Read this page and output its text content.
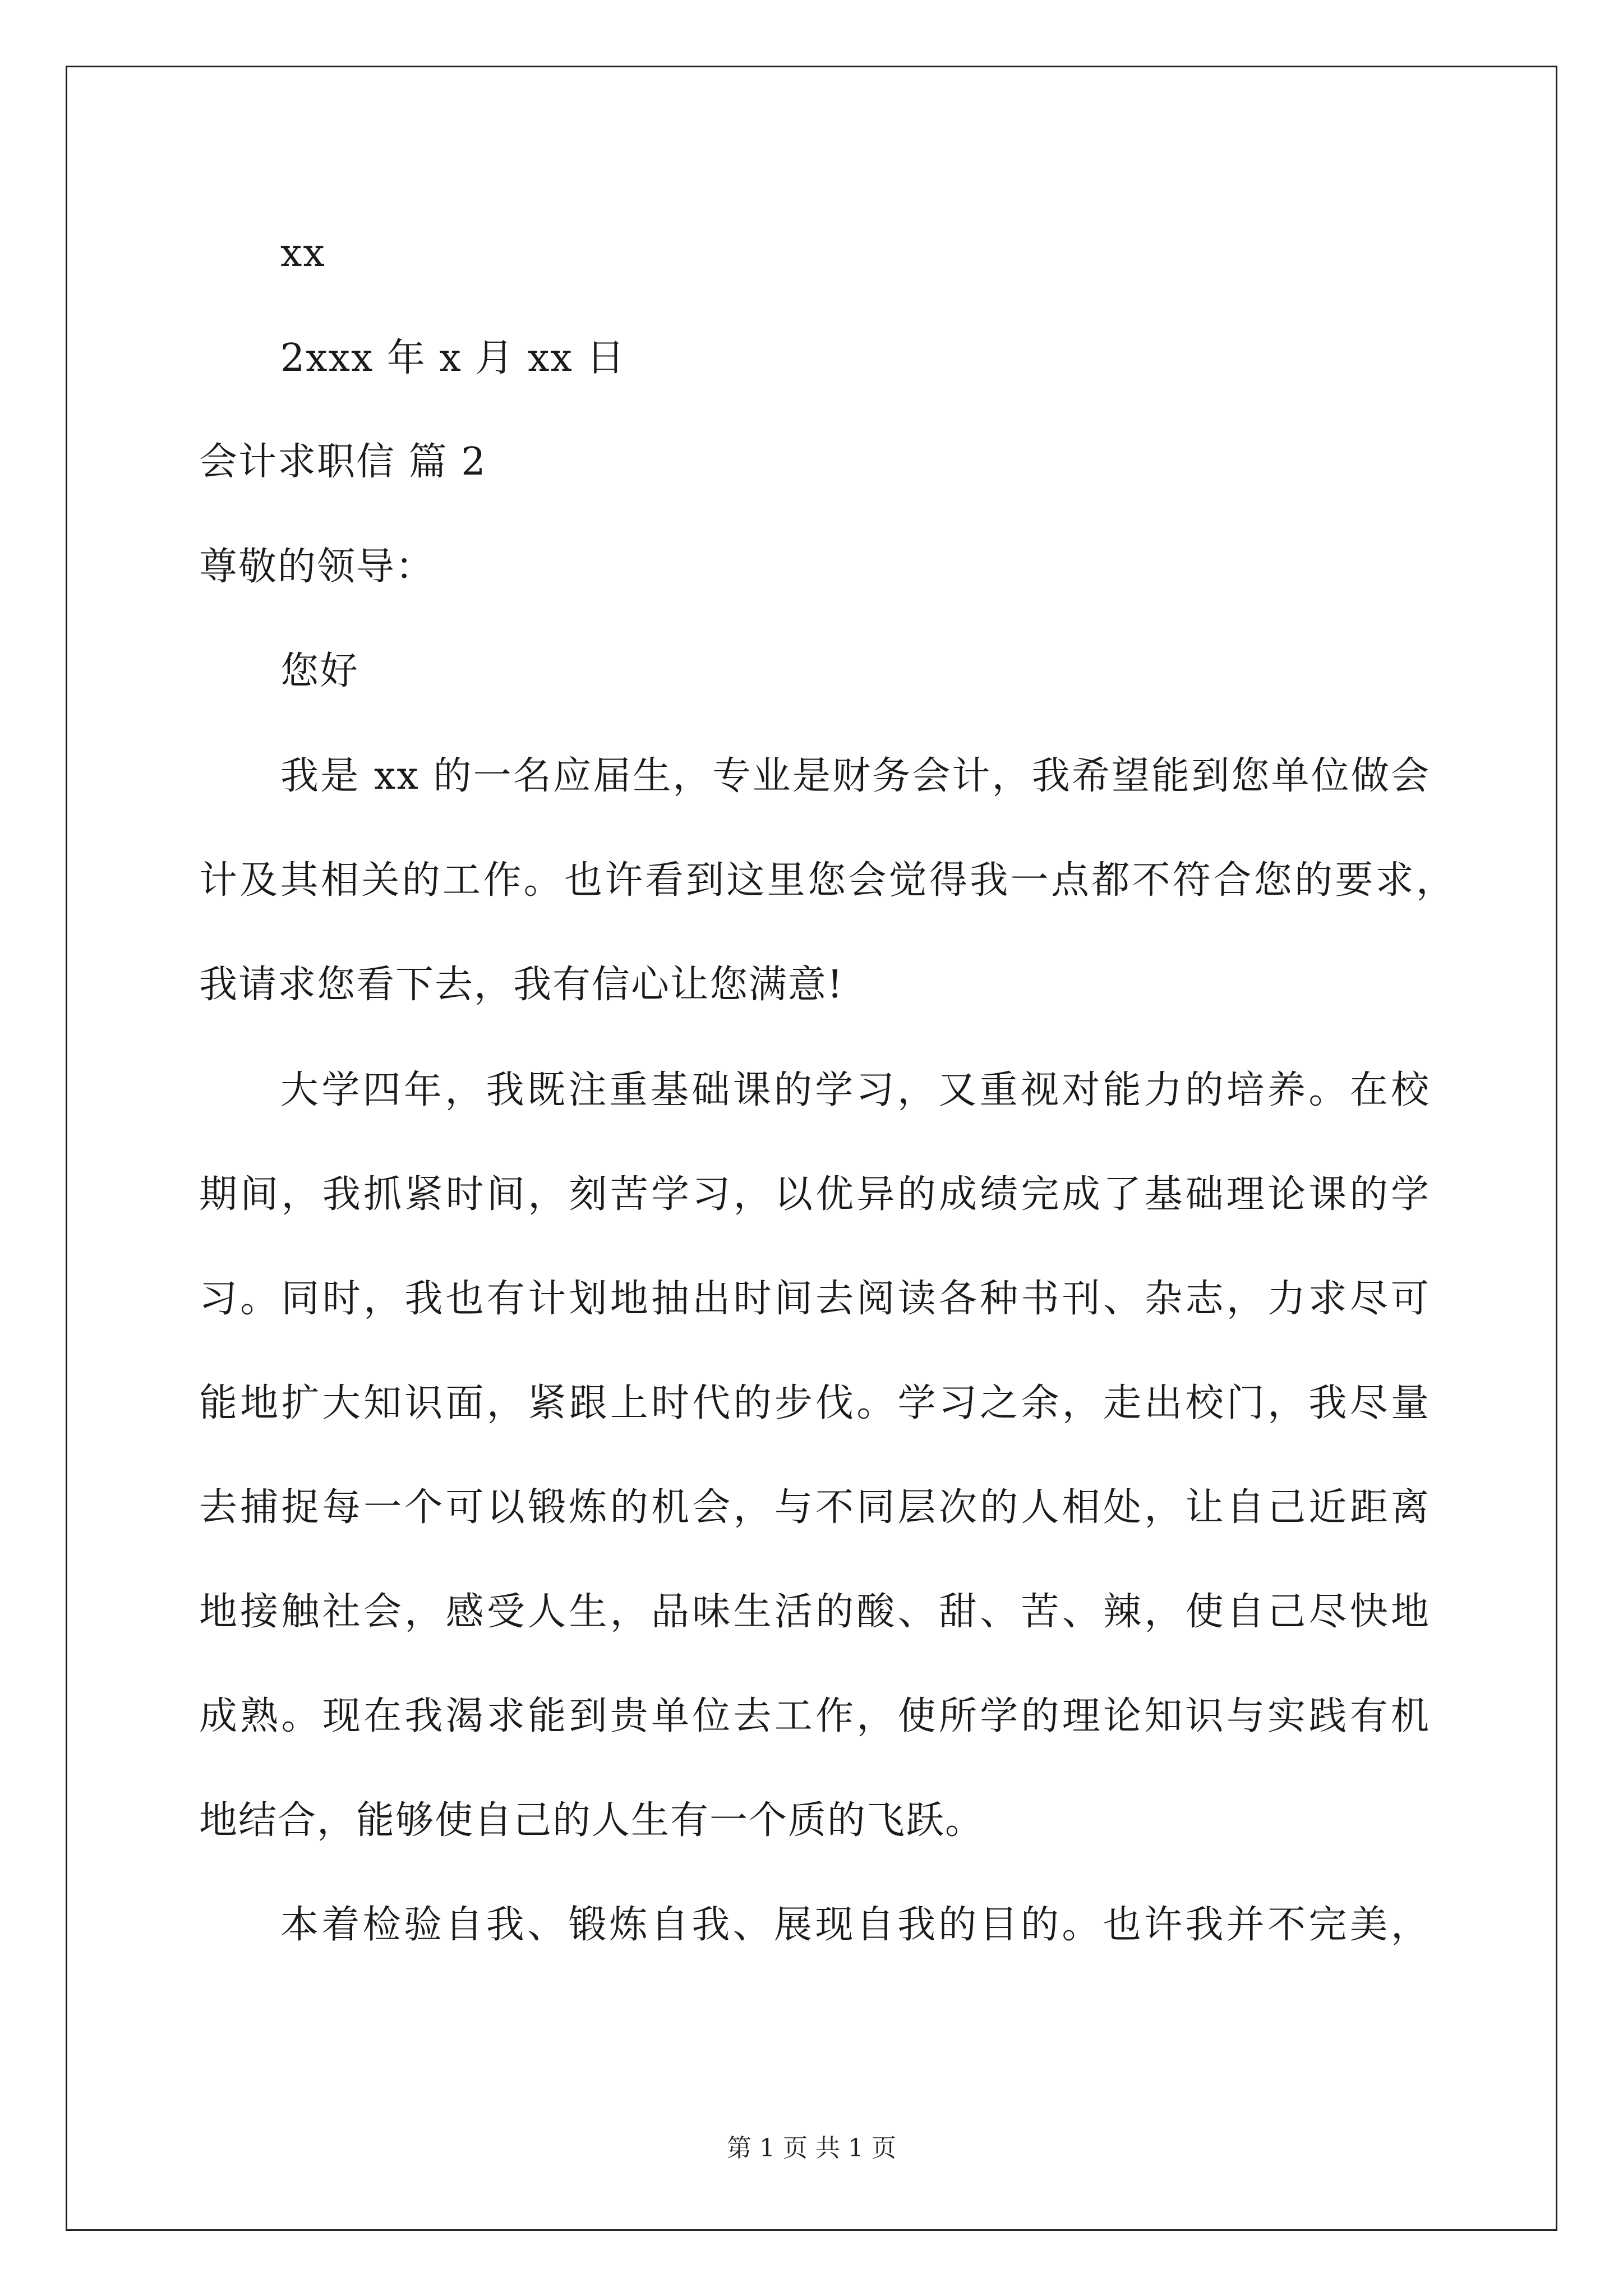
xx
2xxx 年 x 月 xx 日
会计求职信 篇 2
尊敬的领导：
您好
我是 xx 的一名应届生，专业是财务会计，我希望能到您单位做会
计及其相关的工作。也许看到这里您会觉得我一点都不符合您的要求，
我请求您看下去，我有信心让您满意!
大学四年，我既注重基础课的学习，又重视对能力的培养。在校
期间，我抓紧时间，刻苦学习，以优异的成绩完成了基础理论课的学
习。同时，我也有计划地抽出时间去阅读各种书刊、杂志，力求尽可
能地扩大知识面，紧跟上时代的步伐。学习之余，走出校门，我尽量
去捕捉每一个可以锻炼的机会，与不同层次的人相处，让自己近距离
地接触社会，感受人生，品味生活的酸、甜、苦、辣，使自己尽快地
成熟。现在我渴求能到贵单位去工作，使所学的理论知识与实践有机
地结合，能够使自己的人生有一个质的飞跃。
本着检验自我、锻炼自我、展现自我的目的。也许我并不完美，
第 1 页 共 1 页
